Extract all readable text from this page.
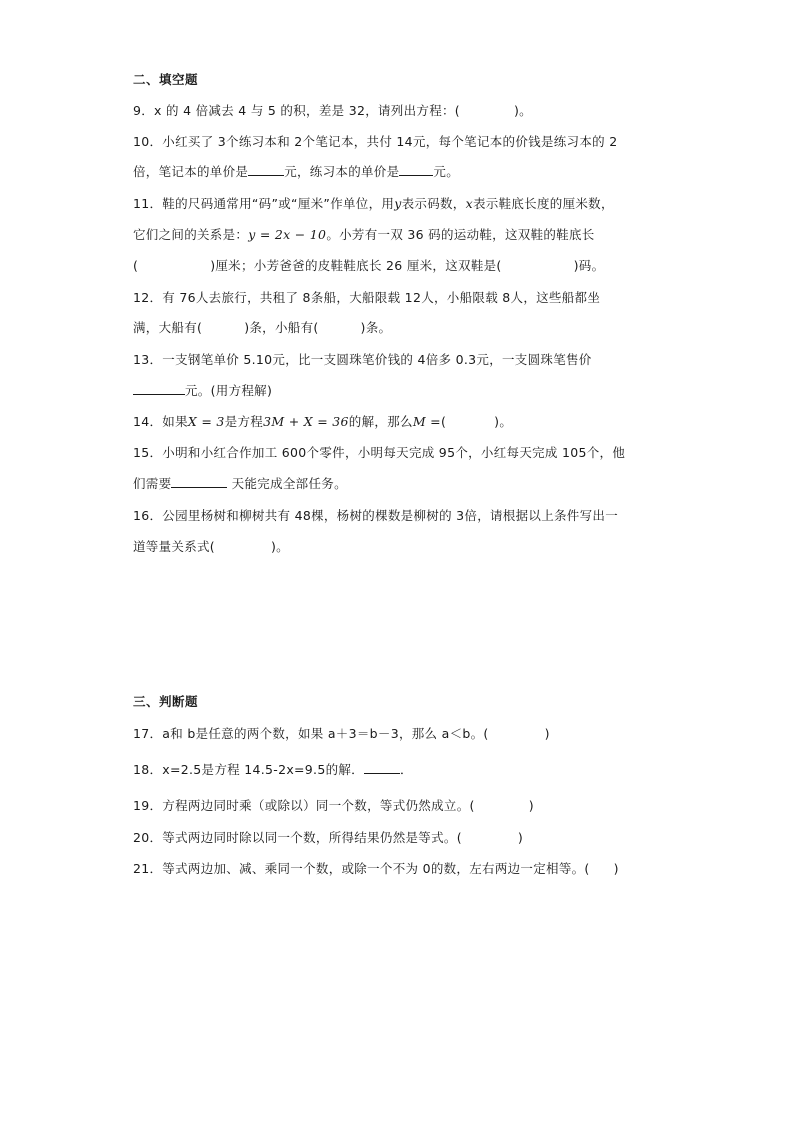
二、填空题
9．x 的 4 倍减去 4 与 5 的积，差是 32，请列出方程：(	)。
10．小红买了 3个练习本和 2个笔记本，共付 14元，每个笔记本的价钱是练习本的 2
倍，笔记本的单价是	元，练习本的单价是	元。
11．鞋的尺码通常用“码”或“厘米”作单位，用y表示码数，x表示鞋底长度的厘米数，
它们之间的关系是：y = 2x − 10。小芳有一双 36 码的运动鞋，这双鞋的鞋底长
(	)厘米；小芳爸爸的皮鞋鞋底长 26 厘米，这双鞋是(	)码。
12．有 76人去旅行，共租了 8条船，大船限载 12人，小船限载 8人，这些船都坐
满，大船有(	)条，小船有(	)条。
13．一支钢笔单价 5.10元，比一支圆珠笔价钱的 4倍多 0.3元，一支圆珠笔售价
元。(用方程解)
14．如果X = 3是方程3M + X = 36的解，那么M =(	)。
15．小明和小红合作加工 600个零件，小明每天完成 95个，小红每天完成 105个，他
们需要	天能完成全部任务。
16．公园里杨树和柳树共有 48棵，杨树的棵数是柳树的 3倍，请根据以上条件写出一
道等量关系式(	)。
三、判断题
17．a和 b是任意的两个数，如果 a＋3＝b－3，那么 a＜b。(	)
18．x=2.5是方程 14.5-2x=9.5的解．	．
19．方程两边同时乘（或除以）同一个数，等式仍然成立。(	)
20．等式两边同时除以同一个数，所得结果仍然是等式。(	)
21．等式两边加、减、乘同一个数，或除一个不为 0的数，左右两边一定相等。( )
